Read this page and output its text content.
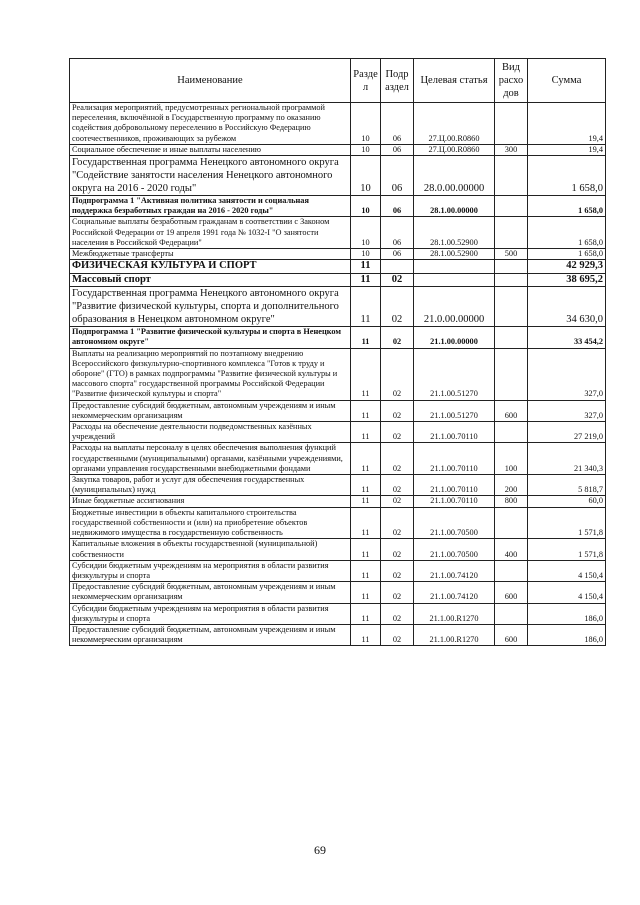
Наименование	Разде л	Подр аздел	Целевая статья	Вид расхо дов	Сумма
Реализация мероприятий, предусмотренных региональной программой переселения, включённой в Государственную программу по оказанию содействия добровольному переселению в Российскую Федерацию соотечественников, проживающих за рубежом	10	06	27.Ц.00.R0860		19,4
Социальное обеспечение и иные выплаты населению	10	06	27.Ц.00.R0860	300	19,4
Государственная программа Ненецкого автономного округа "Содействие занятости населения Ненецкого автономного округа на 2016 - 2020 годы"	10	06	28.0.00.00000		1 658,0
Подпрограмма 1 "Активная политика занятости и социальная поддержка безработных граждан на 2016 - 2020 годы"	10	06	28.1.00.00000		1 658,0
Социальные выплаты безработным гражданам в соответствии с Законом Российской Федерации от 19 апреля 1991 года № 1032-I "О занятости населения в Российской Федерации"	10	06	28.1.00.52900		1 658,0
Межбюджетные трансферты	10	06	28.1.00.52900	500	1 658,0
ФИЗИЧЕСКАЯ КУЛЬТУРА И СПОРТ	11				42 929,3
Массовый спорт	11	02			38 695,2
Государственная программа Ненецкого автономного округа "Развитие физической культуры, спорта и дополнительного образования в Ненецком автономном округе"	11	02	21.0.00.00000		34 630,0
Подпрограмма 1 "Развитие физической культуры и спорта в Ненецком автономном округе"	11	02	21.1.00.00000		33 454,2
Выплаты на реализацию мероприятий по поэтапному внедрению Всероссийского физкультурно-спортивного комплекса "Готов к труду и обороне" (ГТО) в рамках подпрограммы "Развитие физической культуры и массового спорта" государственной программы Российской Федерации "Развитие физической культуры и спорта"	11	02	21.1.00.51270		327,0
Предоставление субсидий бюджетным, автономным учреждениям и иным некоммерческим организациям	11	02	21.1.00.51270	600	327,0
Расходы на обеспечение деятельности подведомственных казённых учреждений	11	02	21.1.00.70110		27 219,0
Расходы на выплаты персоналу в целях обеспечения выполнения функций государственными (муниципальными) органами, казёнными учреждениями, органами управления государственными внебюджетными фондами	11	02	21.1.00.70110	100	21 340,3
Закупка товаров, работ и услуг для обеспечения государственных (муниципальных) нужд	11	02	21.1.00.70110	200	5 818,7
Иные бюджетные ассигнования	11	02	21.1.00.70110	800	60,0
Бюджетные инвестиции в объекты капитального строительства государственной собственности и (или) на приобретение объектов недвижимого имущества в государственную собственность	11	02	21.1.00.70500		1 571,8
Капитальные вложения в объекты государственной (муниципальной) собственности	11	02	21.1.00.70500	400	1 571,8
Субсидии бюджетным учреждениям на мероприятия в области развития физкультуры и спорта	11	02	21.1.00.74120		4 150,4
Предоставление субсидий бюджетным, автономным учреждениям и иным некоммерческим организациям	11	02	21.1.00.74120	600	4 150,4
Субсидии бюджетным учреждениям на мероприятия в области развития физкультуры и спорта	11	02	21.1.00.R1270		186,0
Предоставление субсидий бюджетным, автономным учреждениям и иным некоммерческим организациям	11	02	21.1.00.R1270	600	186,0
69
